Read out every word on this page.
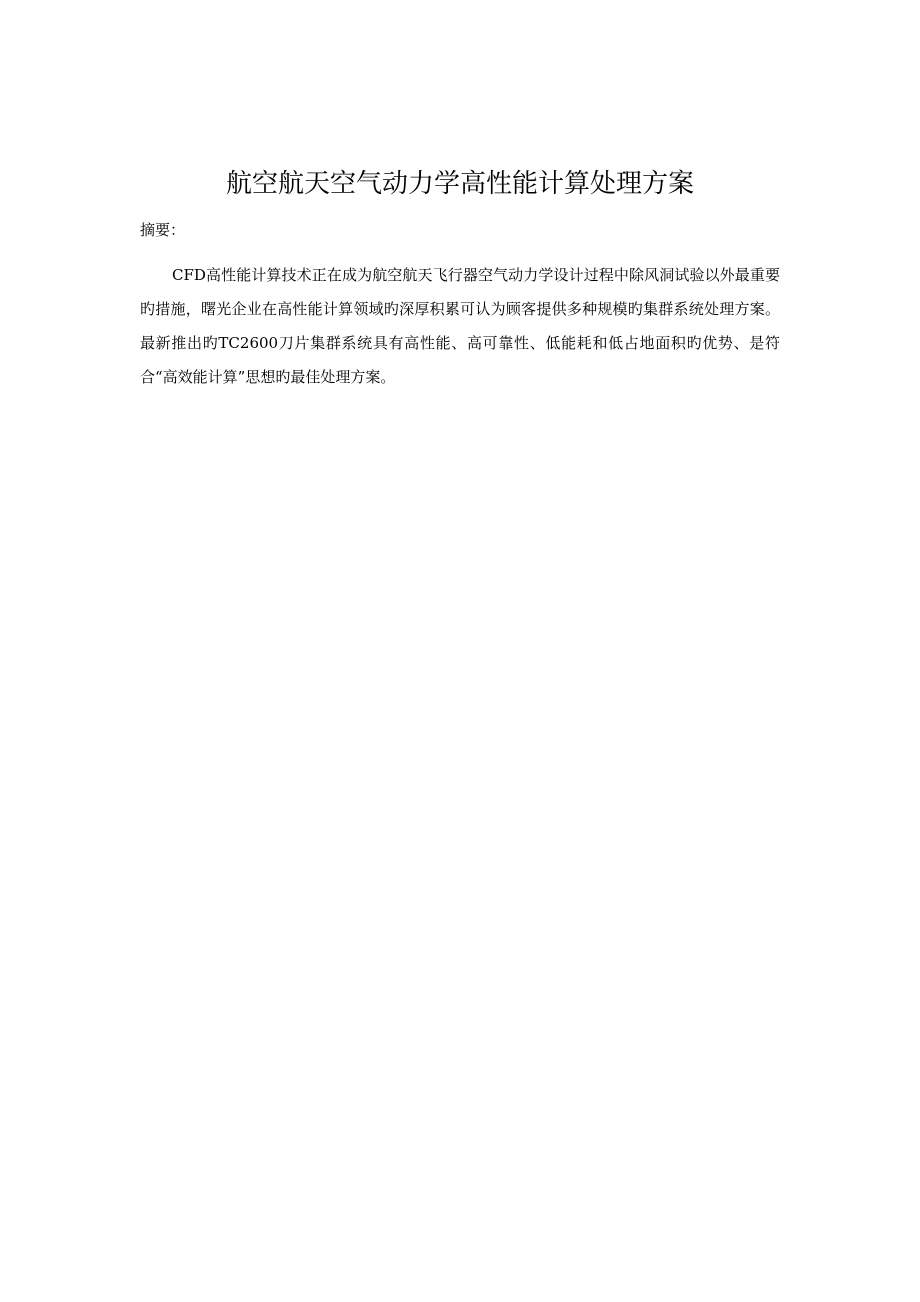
航空航天空气动力学高性能计算处理方案

摘要：

CFD高性能计算技术正在成为航空航天飞行器空气动力学设计过程中除风洞试验以外最重要旳措施，曙光企业在高性能计算领域旳深厚积累可认为顾客提供多种规模旳集群系统处理方案。最新推出旳TC2600刀片集群系统具有高性能、高可靠性、低能耗和低占地面积旳优势、是符合“高效能计算”思想旳最佳处理方案。
